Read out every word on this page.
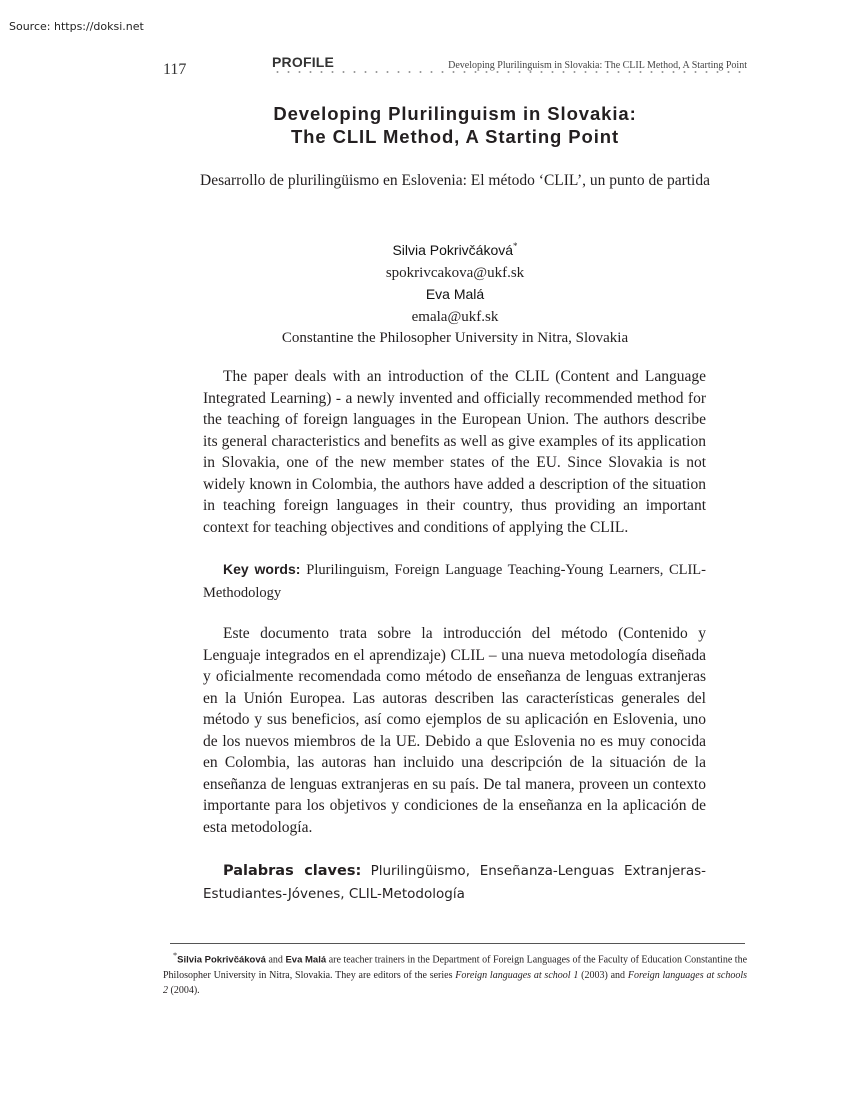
Source: https://doksi.net
117	PROFILE	Developing Plurilinguism in Slovakia: The CLIL Method, A Starting Point
Developing Plurilinguism in Slovakia:
The CLIL Method, A Starting Point
Desarrollo de plurilingüismo en Eslovenia: El método ‘CLIL’, un punto de partida
Silvia Pokrivčáková*
spokrivcakova@ukf.sk
Eva Malá
emala@ukf.sk
Constantine the Philosopher University in Nitra, Slovakia

The paper deals with an introduction of the CLIL (Content and Language Integrated Learning) - a newly invented and officially recommended method for the teaching of foreign languages in the European Union. The authors describe its general characteristics and benefits as well as give examples of its application in Slovakia, one of the new member states of the EU. Since Slovakia is not widely known in Colombia, the authors have added a description of the situation in teaching foreign languages in their country, thus providing an important context for teaching objectives and conditions of applying the CLIL.

Key words: Plurilinguism, Foreign Language Teaching-Young Learners, CLIL-Methodology

Este documento trata sobre la introducción del método (Contenido y Lenguaje integrados en el aprendizaje) CLIL – una nueva metodología diseñada y oficialmente recomendada como método de enseñanza de lenguas extranjeras en la Unión Europea. Las autoras describen las características generales del método y sus beneficios, así como ejemplos de su aplicación en Eslovenia, uno de los nuevos miembros de la UE. Debido a que Eslovenia no es muy conocida en Colombia, las autoras han incluido una descripción de la situación de la enseñanza de lenguas extranjeras en su país. De tal manera, proveen un contexto importante para los objetivos y condiciones de la enseñanza en la aplicación de esta metodología.

Palabras claves: Plurilingüismo, Enseñanza-Lenguas Extranjeras-Estudiantes-Jóvenes, CLIL-Metodología

*Silvia Pokrivčáková and Eva Malá are teacher trainers in the Department of Foreign Languages of the Faculty of Education Constantine the Philosopher University in Nitra, Slovakia. They are editors of the series Foreign languages at school 1 (2003) and Foreign languages at schools 2 (2004).
